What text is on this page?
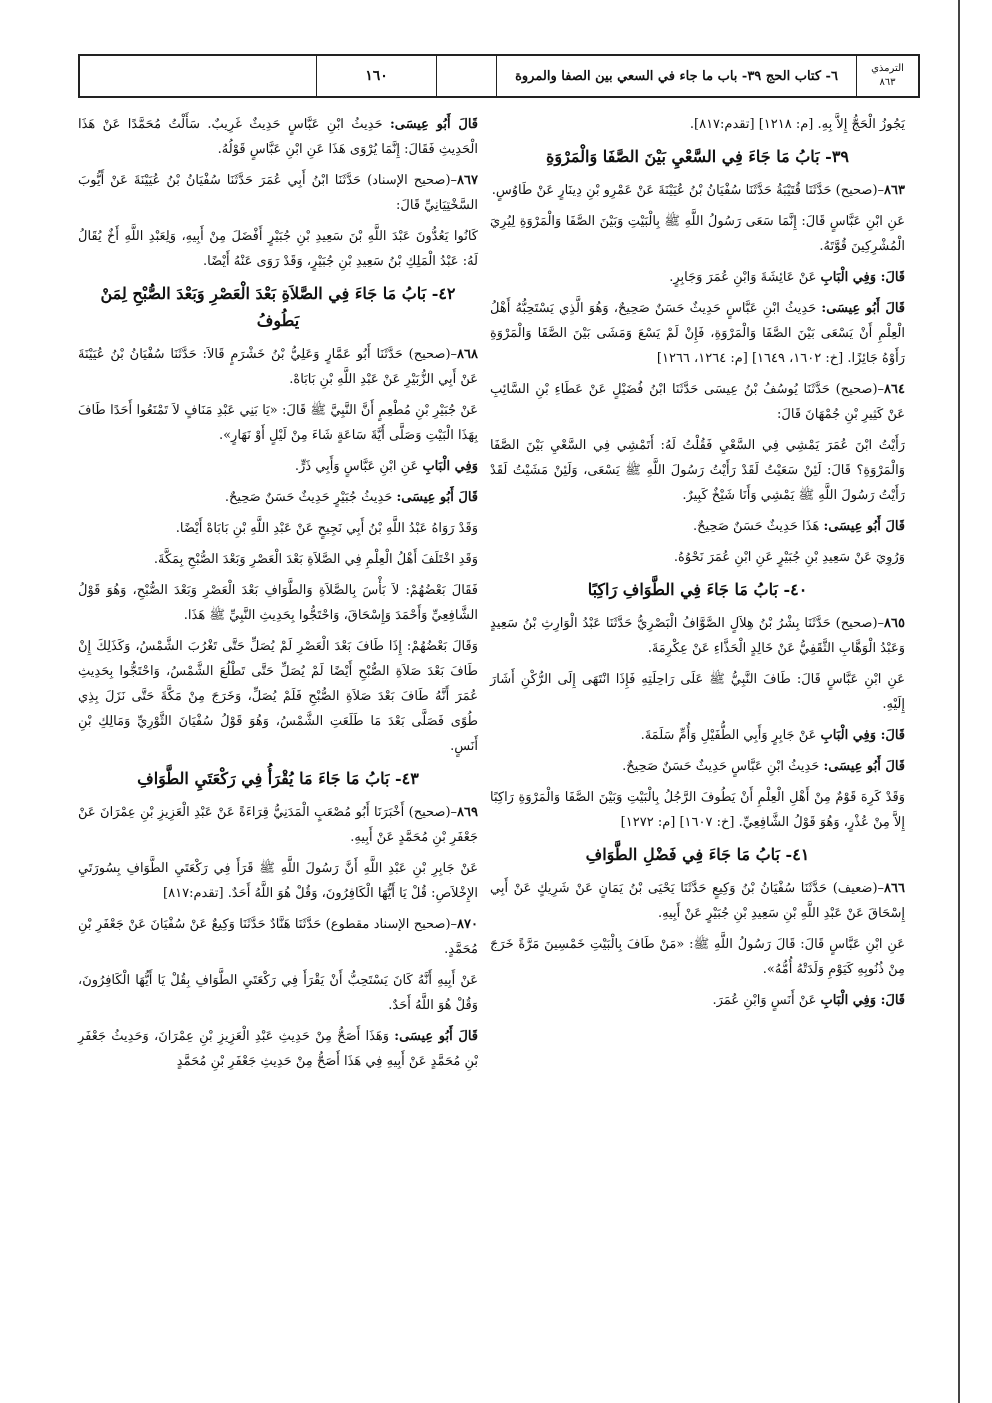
الترمذي
٨٦٣
٦- كتاب الحج ٣٩- باب ما جاء في السعي بين الصفا والمروة
١٦٠

يَجُوزُ الْحَجُّ إِلاَّ بِهِ. [م: ١٢١٨] [تقدم:٨١٧].

٣٩- بَابُ مَا جَاءَ فِي السَّعْيِ بَيْنَ الصَّفَا وَالْمَرْوَةِ

٨٦٣–(صحيح) حَدَّثَنَا قُتَيْبَةُ حَدَّثَنَا سُفْيَانُ بْنُ عُيَيْنَةَ عَنْ عَمْرِو بْنِ دِينَارٍ عَنْ طَاوُسٍ.

عَنِ ابْنِ عَبَّاسٍ قَالَ: إِنَّمَا سَعَى رَسُولُ اللَّهِ ﷺ بِالْبَيْتِ وَبَيْنَ الصَّفَا وَالْمَرْوَةِ لِيُرِيَ الْمُشْرِكِينَ قُوَّتَهُ.

قَالَ: وَفِي الْبَابِ عَنْ عَائِشَةَ وَابْنِ عُمَرَ وَجَابِرٍ.

قَالَ أَبُو عِيسَى: حَدِيثُ ابْنِ عَبَّاسٍ حَدِيثٌ حَسَنٌ صَحِيحٌ، وَهُوَ الَّذِي يَسْتَحِبُّهُ أَهْلُ الْعِلْمِ أَنْ يَسْعَى بَيْنَ الصَّفَا وَالْمَرْوَةِ، فَإِنْ لَمْ يَسْعَ وَمَشَى بَيْنَ الصَّفَا وَالْمَرْوَةِ رَأَوْهُ جَائِزًا. [خ: ١٦٠٢، ١٦٤٩] [م: ١٢٦٤، ١٢٦٦]

٨٦٤–(صحيح) حَدَّثَنَا يُوسُفُ بْنُ عِيسَى حَدَّثَنَا ابْنُ فُضَيْلٍ عَنْ عَطَاءِ بْنِ السَّائِبِ عَنْ كَثِيرِ بْنِ جُمْهَانَ قَالَ:

رَأَيْتُ ابْنَ عُمَرَ يَمْشِي فِي السَّعْيِ فَقُلْتُ لَهُ: أَتَمْشِي فِي السَّعْيِ بَيْنَ الصَّفَا وَالْمَرْوَةِ؟ قَالَ: لَئِنْ سَعَيْتُ لَقَدْ رَأَيْتُ رَسُولَ اللَّهِ ﷺ يَسْعَى، وَلَئِنْ مَشَيْتُ لَقَدْ رَأَيْتُ رَسُولَ اللَّهِ ﷺ يَمْشِي وَأَنَا شَيْخٌ كَبِيرٌ.

قَالَ أَبُو عِيسَى: هَذَا حَدِيثٌ حَسَنٌ صَحِيحٌ.

وَرُوِيَ عَنْ سَعِيدِ بْنِ جُبَيْرٍ عَنِ ابْنِ عُمَرَ نَحْوُهُ.

٤٠- بَابُ مَا جَاءَ فِي الطَّوَافِ رَاكِبًا

٨٦٥–(صحيح) حَدَّثَنَا بِشْرُ بْنُ هِلاَلٍ الصَّوَّافُ الْبَصْرِيُّ حَدَّثَنَا عَبْدُ الْوَارِثِ بْنُ سَعِيدٍ وَعَبْدُ الْوَهَّابِ الثَّقَفِيُّ عَنْ خَالِدٍ الْحَذَّاءِ عَنْ عِكْرِمَةَ.

عَنِ ابْنِ عَبَّاسٍ قَالَ: طَافَ النَّبِيُّ ﷺ عَلَى رَاحِلَتِهِ فَإِذَا انْتَهَى إِلَى الرُّكْنِ أَشَارَ إِلَيْهِ.

قَالَ: وَفِي الْبَابِ عَنْ جَابِرٍ وَأَبِي الطُّفَيْلِ وَأُمِّ سَلَمَةَ.

قَالَ أَبُو عِيسَى: حَدِيثُ ابْنِ عَبَّاسٍ حَدِيثٌ حَسَنٌ صَحِيحٌ.

وَقَدْ كَرِهَ قَوْمٌ مِنْ أَهْلِ الْعِلْمِ أَنْ يَطُوفَ الرَّجُلُ بِالْبَيْتِ وَبَيْنَ الصَّفَا وَالْمَرْوَةِ رَاكِبًا إِلاَّ مِنْ عُذْرٍ، وَهُوَ قَوْلُ الشَّافِعِيِّ. [خ: ١٦٠٧] [م: ١٢٧٢]

٤١- بَابُ مَا جَاءَ فِي فَضْلِ الطَّوَافِ

٨٦٦–(ضعيف) حَدَّثَنَا سُفْيَانُ بْنُ وَكِيعٍ حَدَّثَنَا يَحْيَى بْنُ يَمَانٍ عَنْ شَرِيكٍ عَنْ أَبِي إِسْحَاقَ عَنْ عَبْدِ اللَّهِ بْنِ سَعِيدِ بْنِ جُبَيْرٍ عَنْ أَبِيهِ.

عَنِ ابْنِ عَبَّاسٍ قَالَ: قَالَ رَسُولُ اللَّهِ ﷺ: «مَنْ طَافَ بِالْبَيْتِ خَمْسِينَ مَرَّةً خَرَجَ مِنْ ذُنُوبِهِ كَيَوْمِ وَلَدَتْهُ أُمُّهُ».

قَالَ: وَفِي الْبَابِ عَنْ أَنَسٍ وَابْنِ عُمَرَ.

قَالَ أَبُو عِيسَى: حَدِيثُ ابْنِ عَبَّاسٍ حَدِيثٌ غَرِيبٌ. سَأَلْتُ مُحَمَّدًا عَنْ هَذَا الْحَدِيثِ فَقَالَ: إِنَّمَا يُرْوَى هَذَا عَنِ ابْنِ عَبَّاسٍ قَوْلُهُ.

٨٦٧–(صحيح الإسناد) حَدَّثَنَا ابْنُ أَبِي عُمَرَ حَدَّثَنَا سُفْيَانُ بْنُ عُيَيْنَةَ عَنْ أَيُّوبَ السَّخْتِيَانِيِّ قَالَ:

كَانُوا يَعُدُّونَ عَبْدَ اللَّهِ بْنَ سَعِيدِ بْنِ جُبَيْرٍ أَفْضَلَ مِنْ أَبِيهِ، وَلِعَبْدِ اللَّهِ أَخٌ يُقَالُ لَهُ: عَبْدُ الْمَلِكِ بْنُ سَعِيدِ بْنِ جُبَيْرٍ، وَقَدْ رَوَى عَنْهُ أَيْضًا.

٤٢- بَابُ مَا جَاءَ فِي الصَّلاَةِ بَعْدَ الْعَصْرِ وَبَعْدَ الصُّبْحِ لِمَنْ يَطُوفُ

٨٦٨–(صحيح) حَدَّثَنَا أَبُو عَمَّارٍ وَعَلِيُّ بْنُ خَشْرَمٍ قَالاَ: حَدَّثَنَا سُفْيَانُ بْنُ عُيَيْنَةَ عَنْ أَبِي الزُّبَيْرِ عَنْ عَبْدِ اللَّهِ بْنِ بَابَاهْ.

عَنْ جُبَيْرِ بْنِ مُطْعِمٍ أَنَّ النَّبِيَّ ﷺ قَالَ: «يَا بَنِي عَبْدِ مَنَافٍ لاَ تَمْنَعُوا أَحَدًا طَافَ بِهَذَا الْبَيْتِ وَصَلَّى أَيَّةَ سَاعَةٍ شَاءَ مِنْ لَيْلٍ أَوْ نَهَارٍ».

وَفِي الْبَابِ عَنِ ابْنِ عَبَّاسٍ وَأَبِي ذَرٍّ.

قَالَ أَبُو عِيسَى: حَدِيثُ جُبَيْرٍ حَدِيثٌ حَسَنٌ صَحِيحٌ.

وَقَدْ رَوَاهُ عَبْدُ اللَّهِ بْنُ أَبِي نَجِيحٍ عَنْ عَبْدِ اللَّهِ بْنِ بَابَاهْ أَيْضًا.

وَقَدِ اخْتَلَفَ أَهْلُ الْعِلْمِ فِي الصَّلاَةِ بَعْدَ الْعَصْرِ وَبَعْدَ الصُّبْحِ بِمَكَّةَ.

فَقَالَ بَعْضُهُمْ: لاَ بَأْسَ بِالصَّلاَةِ وَالطَّوَافِ بَعْدَ الْعَصْرِ وَبَعْدَ الصُّبْحِ، وَهُوَ قَوْلُ الشَّافِعِيِّ وَأَحْمَدَ وَإِسْحَاقَ، وَاحْتَجُّوا بِحَدِيثِ النَّبِيِّ ﷺ هَذَا.

وَقَالَ بَعْضُهُمْ: إِذَا طَافَ بَعْدَ الْعَصْرِ لَمْ يُصَلِّ حَتَّى تَغْرُبَ الشَّمْسُ، وَكَذَلِكَ إِنْ طَافَ بَعْدَ صَلاَةِ الصُّبْحِ أَيْضًا لَمْ يُصَلِّ حَتَّى تَطْلُعَ الشَّمْسُ، وَاحْتَجُّوا بِحَدِيثِ عُمَرَ أَنَّهُ طَافَ بَعْدَ صَلاَةِ الصُّبْحِ فَلَمْ يُصَلِّ، وَخَرَجَ مِنْ مَكَّةَ حَتَّى نَزَلَ بِذِي طُوًى فَصَلَّى بَعْدَ مَا طَلَعَتِ الشَّمْسُ، وَهُوَ قَوْلُ سُفْيَانَ الثَّوْرِيِّ وَمَالِكِ بْنِ أَنَسٍ.

٤٣- بَابُ مَا جَاءَ مَا يُقْرَأُ فِي رَكْعَتَيِ الطَّوَافِ

٨٦٩–(صحيح) أَخْبَرَنَا أَبُو مُصْعَبٍ الْمَدَنِيُّ قِرَاءَةً عَنْ عَبْدِ الْعَزِيزِ بْنِ عِمْرَانَ عَنْ جَعْفَرِ بْنِ مُحَمَّدٍ عَنْ أَبِيهِ.

عَنْ جَابِرِ بْنِ عَبْدِ اللَّهِ أَنَّ رَسُولَ اللَّهِ ﷺ قَرَأَ فِي رَكْعَتَيِ الطَّوَافِ بِسُورَتَيِ الإِخْلاَصِ: قُلْ يَا أَيُّهَا الْكَافِرُونَ، وَقُلْ هُوَ اللَّهُ أَحَدٌ. [تقدم:٨١٧]

٨٧٠–(صحيح الإسناد مقطوع) حَدَّثَنَا هَنَّادٌ حَدَّثَنَا وَكِيعٌ عَنْ سُفْيَانَ عَنْ جَعْفَرِ بْنِ مُحَمَّدٍ.

عَنْ أَبِيهِ أَنَّهُ كَانَ يَسْتَحِبُّ أَنْ يَقْرَأَ فِي رَكْعَتَيِ الطَّوَافِ بِقُلْ يَا أَيُّهَا الْكَافِرُونَ، وَقُلْ هُوَ اللَّهُ أَحَدٌ.

قَالَ أَبُو عِيسَى: وَهَذَا أَصَحُّ مِنْ حَدِيثِ عَبْدِ الْعَزِيزِ بْنِ عِمْرَانَ، وَحَدِيثُ جَعْفَرِ بْنِ مُحَمَّدٍ عَنْ أَبِيهِ فِي هَذَا أَصَحُّ مِنْ حَدِيثِ جَعْفَرِ بْنِ مُحَمَّدٍ
